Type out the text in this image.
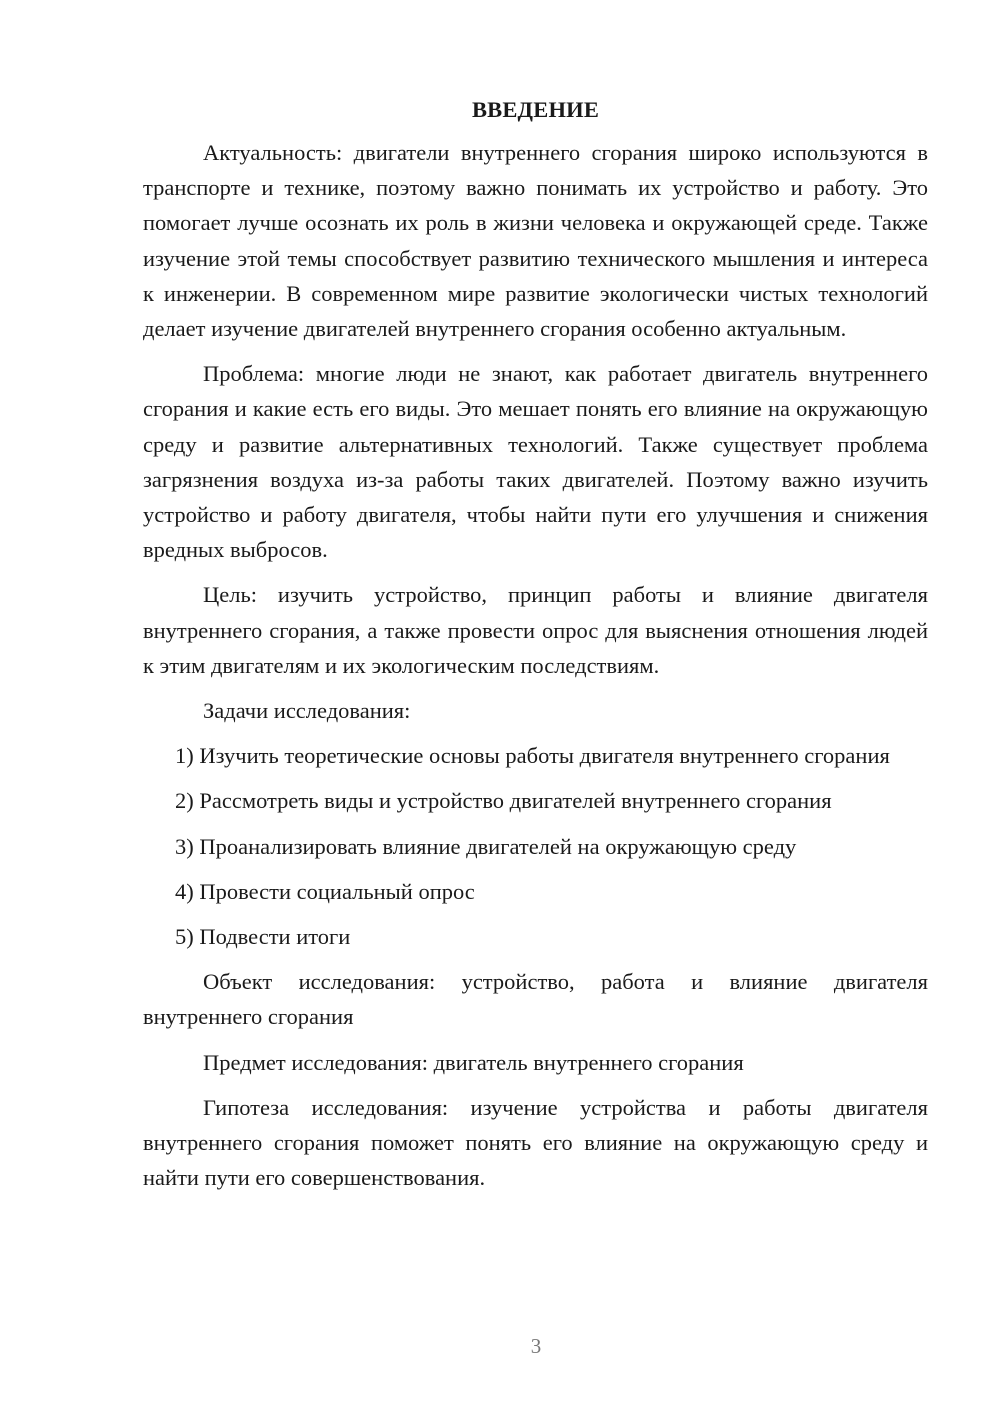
ВВЕДЕНИЕ

Актуальность: двигатели внутреннего сгорания широко используются в транспорте и технике, поэтому важно понимать их устройство и работу. Это помогает лучше осознать их роль в жизни человека и окружающей среде. Также изучение этой темы способствует развитию технического мышления и интереса к инженерии. В современном мире развитие экологически чистых технологий делает изучение двигателей внутреннего сгорания особенно актуальным.

Проблема: многие люди не знают, как работает двигатель внутреннего сгорания и какие есть его виды. Это мешает понять его влияние на окружающую среду и развитие альтернативных технологий. Также существует проблема загрязнения воздуха из-за работы таких двигателей. Поэтому важно изучить устройство и работу двигателя, чтобы найти пути его улучшения и снижения вредных выбросов.

Цель: изучить устройство, принцип работы и влияние двигателя внутреннего сгорания, а также провести опрос для выяснения отношения людей к этим двигателям и их экологическим последствиям.

Задачи исследования:

1) Изучить теоретические основы работы двигателя внутреннего сгорания

2) Рассмотреть виды и устройство двигателей внутреннего сгорания

3) Проанализировать влияние двигателей на окружающую среду

4) Провести социальный опрос

5) Подвести итоги

Объект исследования: устройство, работа и влияние двигателя внутреннего сгорания

Предмет исследования: двигатель внутреннего сгорания

Гипотеза исследования: изучение устройства и работы двигателя внутреннего сгорания поможет понять его влияние на окружающую среду и найти пути его совершенствования.

3
